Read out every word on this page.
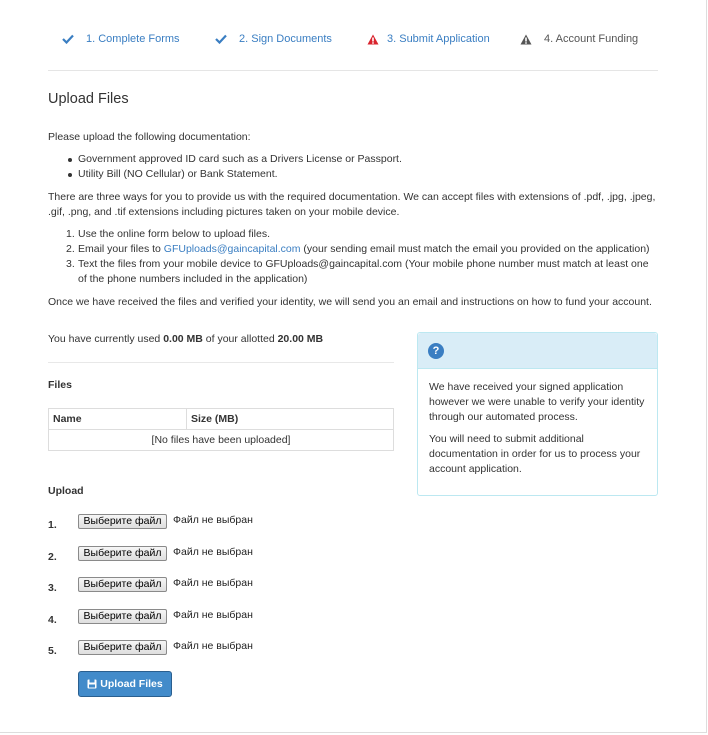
1. Complete Forms	2. Sign Documents	3. Submit Application	4. Account Funding
Upload Files

Please upload the following documentation:

Government approved ID card such as a Drivers License or Passport.
Utility Bill (NO Cellular) or Bank Statement.

There are three ways for you to provide us with the required documentation. We can accept files with extensions of .pdf, .jpg, .jpeg, .gif, .png, and .tif extensions including pictures taken on your mobile device.

1. Use the online form below to upload files.
2. Email your files to GFUploads@gaincapital.com (your sending email must match the email you provided on the application)
3. Text the files from your mobile device to GFUploads@gaincapital.com (Your mobile phone number must match at least one of the phone numbers included in the application)

Once we have received the files and verified your identity, we will send you an email and instructions on how to fund your account.

You have currently used 0.00 MB of your allotted 20.00 MB
Files
Name	Size (MB)
[No files have been uploaded]
Upload
1.	Выберите файл	Файл не выбран
2.	Выберите файл	Файл не выбран
3.	Выберите файл	Файл не выбран
4.	Выберите файл	Файл не выбран
5.	Выберите файл	Файл не выбран
Upload Files
?

We have received your signed application however we were unable to verify your identity through our automated process.

You will need to submit additional documentation in order for us to process your account application.
